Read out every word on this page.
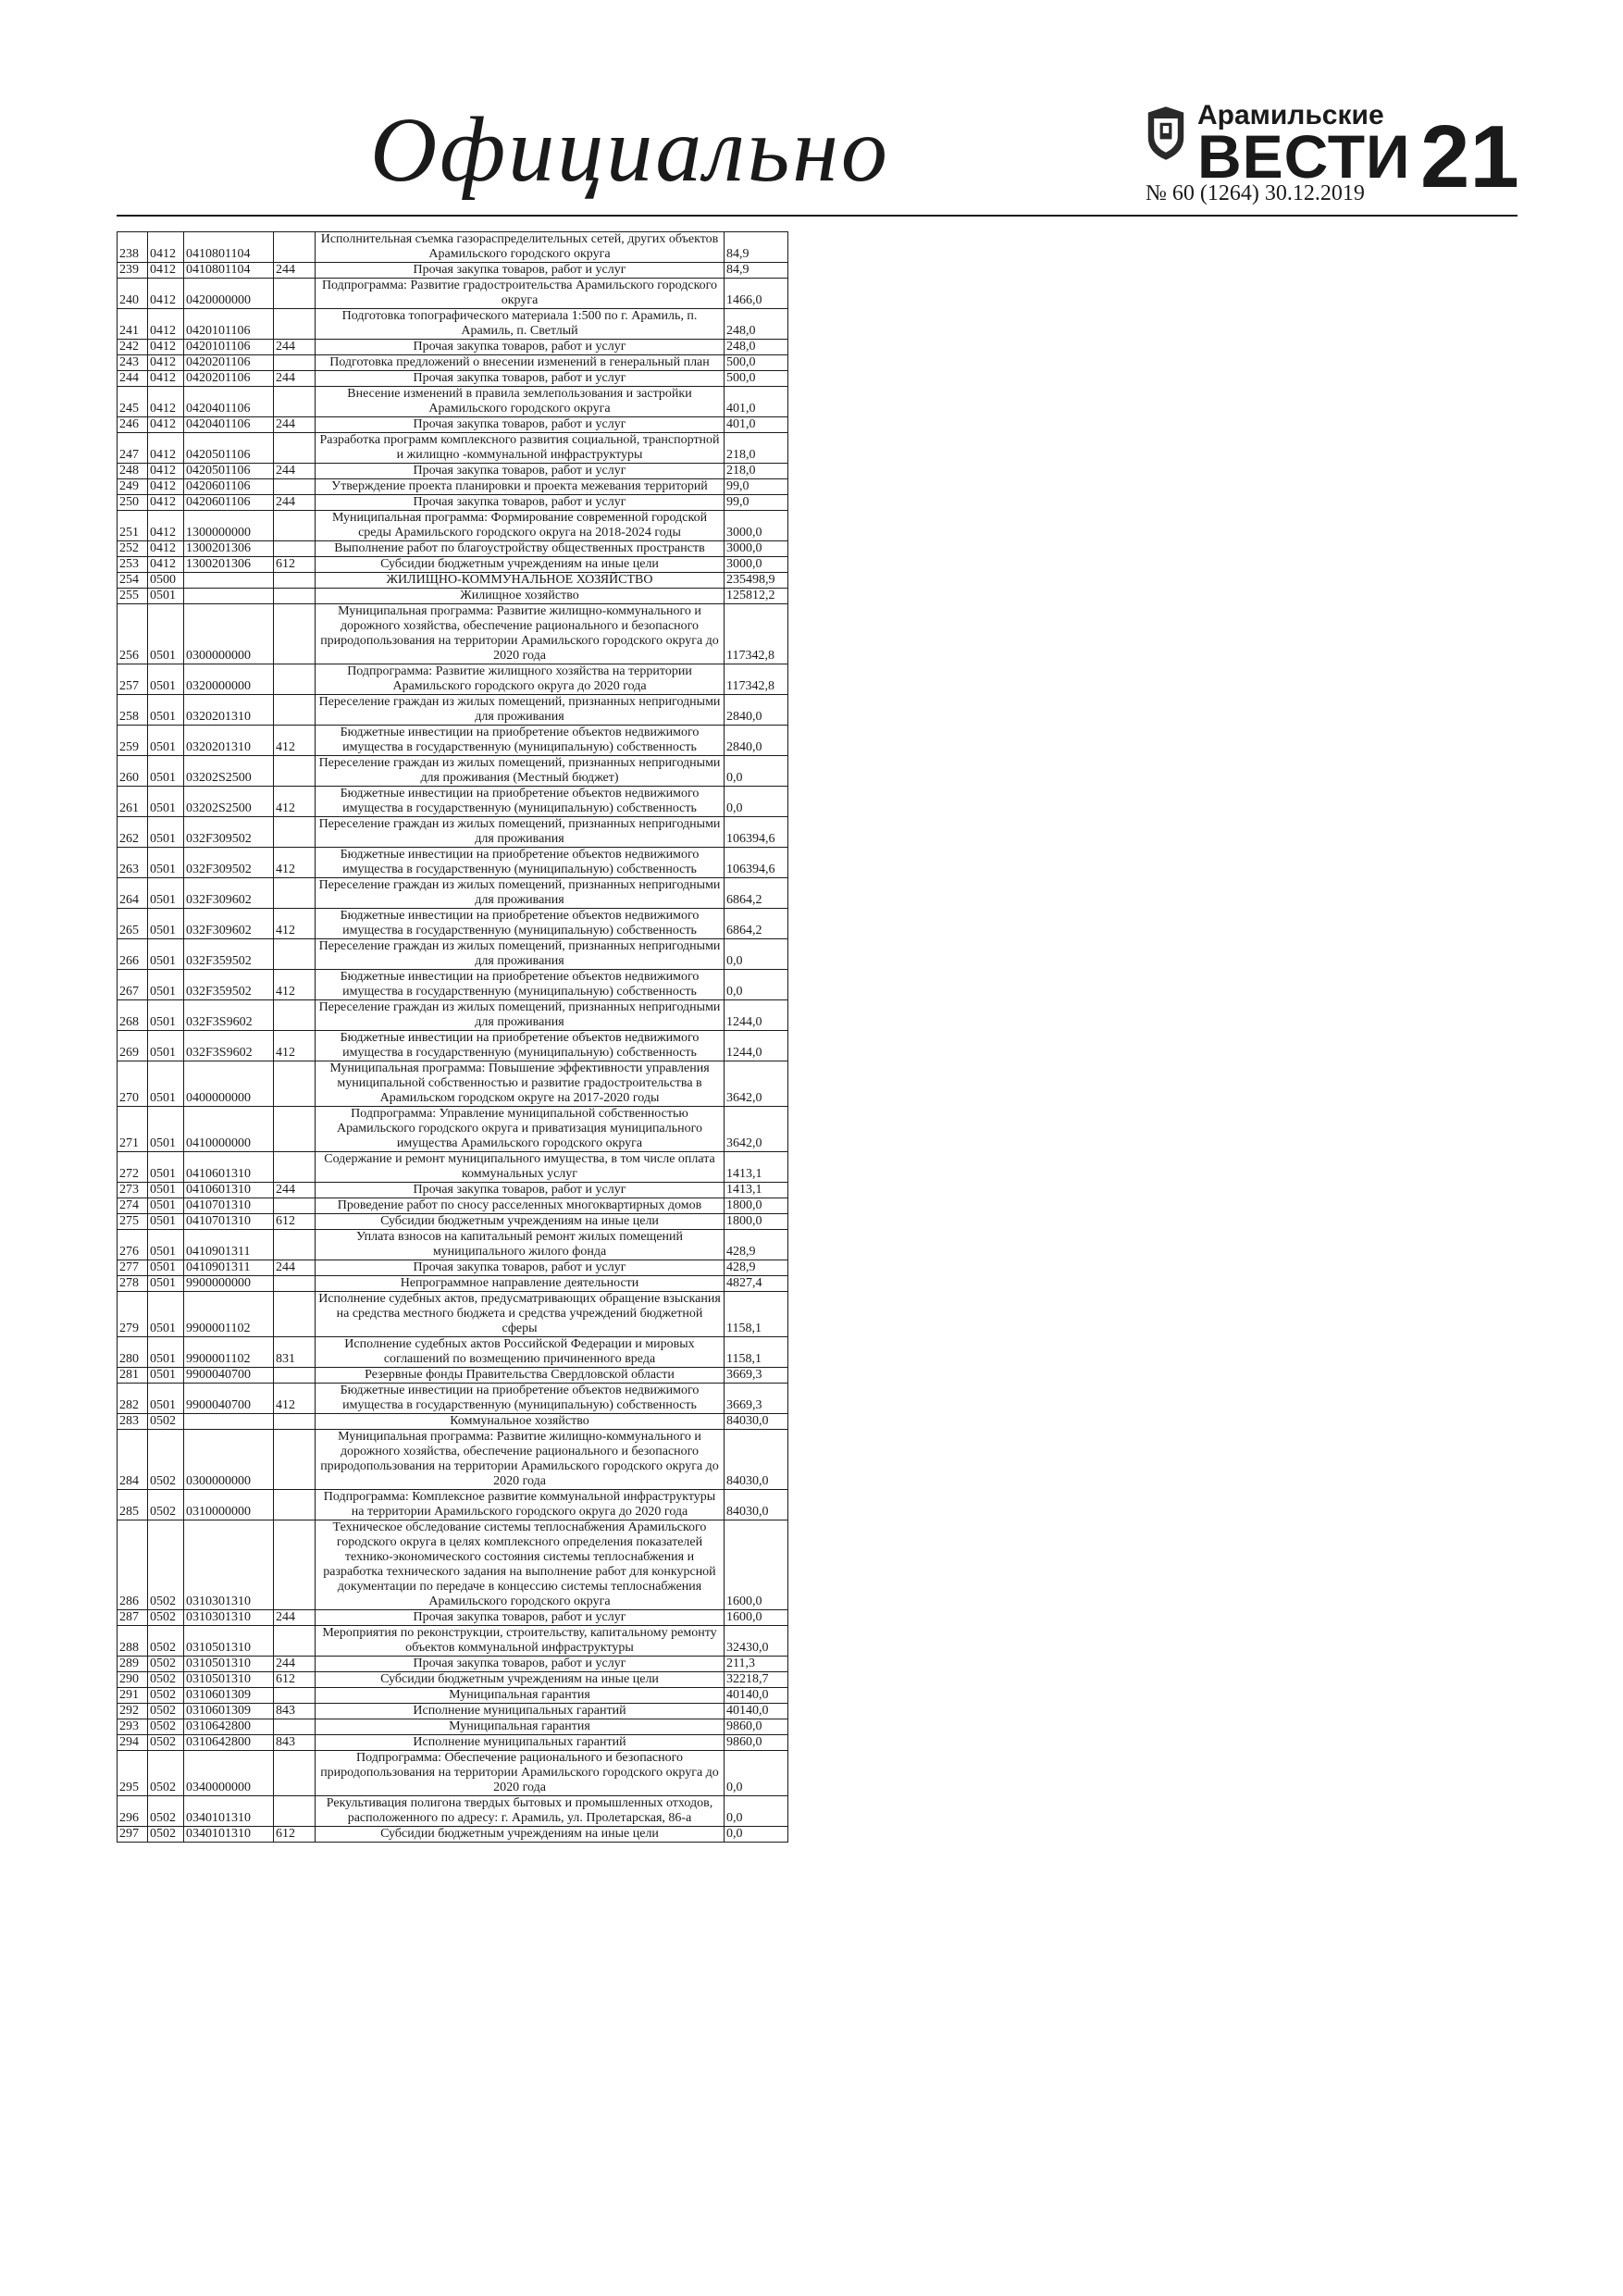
Официально	Арамильские
ВЕСТИ
№ 60 (1264) 30.12.2019 21
238	0412	0410801104		Исполнительная съемка газораспределительных сетей, других объектов Арамильского городского округа	84,9
239	0412	0410801104	244	Прочая закупка товаров, работ и услуг	84,9
240	0412	0420000000		Подпрограмма: Развитие градостроительства Арамильского городского округа	1466,0
241	0412	0420101106		Подготовка топографического материала 1:500 по г. Арамиль, п. Арамиль, п. Светлый	248,0
242	0412	0420101106	244	Прочая закупка товаров, работ и услуг	248,0
243	0412	0420201106		Подготовка предложений о внесении изменений в генеральный план	500,0
244	0412	0420201106	244	Прочая закупка товаров, работ и услуг	500,0
245	0412	0420401106		Внесение изменений в правила землепользования и застройки Арамильского городского округа	401,0
246	0412	0420401106	244	Прочая закупка товаров, работ и услуг	401,0
247	0412	0420501106		Разработка программ комплексного развития социальной, транспортной и жилищно -коммунальной инфраструктуры	218,0
248	0412	0420501106	244	Прочая закупка товаров, работ и услуг	218,0
249	0412	0420601106		Утверждение проекта планировки и проекта межевания территорий	99,0
250	0412	0420601106	244	Прочая закупка товаров, работ и услуг	99,0
251	0412	1300000000		Муниципальная программа: Формирование современной городской среды Арамильского городского округа на 2018-2024 годы	3000,0
252	0412	1300201306		Выполнение работ по благоустройству общественных пространств	3000,0
253	0412	1300201306	612	Субсидии бюджетным учреждениям на иные цели	3000,0
254	0500			ЖИЛИЩНО-КОММУНАЛЬНОЕ ХОЗЯЙСТВО	235498,9
255	0501			Жилищное хозяйство	125812,2
256	0501	0300000000		Муниципальная программа: Развитие жилищно-коммунального и дорожного хозяйства, обеспечение рационального и безопасного природопользования на территории Арамильского городского округа до 2020 года	117342,8
257	0501	0320000000		Подпрограмма: Развитие жилищного хозяйства на территории Арамильского городского округа до 2020 года	117342,8
258	0501	0320201310		Переселение граждан из жилых помещений, признанных непригодными для проживания	2840,0
259	0501	0320201310	412	Бюджетные инвестиции на приобретение объектов недвижимого имущества в государственную (муниципальную) собственность	2840,0
260	0501	03202S2500		Переселение граждан из жилых помещений, признанных непригодными для проживания (Местный бюджет)	0,0
261	0501	03202S2500	412	Бюджетные инвестиции на приобретение объектов недвижимого имущества в государственную (муниципальную) собственность	0,0
262	0501	032F309502		Переселение граждан из жилых помещений, признанных непригодными для проживания	106394,6
263	0501	032F309502	412	Бюджетные инвестиции на приобретение объектов недвижимого имущества в государственную (муниципальную) собственность	106394,6
264	0501	032F309602		Переселение граждан из жилых помещений, признанных непригодными для проживания	6864,2
265	0501	032F309602	412	Бюджетные инвестиции на приобретение объектов недвижимого имущества в государственную (муниципальную) собственность	6864,2
266	0501	032F359502		Переселение граждан из жилых помещений, признанных непригодными для проживания	0,0
267	0501	032F359502	412	Бюджетные инвестиции на приобретение объектов недвижимого имущества в государственную (муниципальную) собственность	0,0
268	0501	032F3S9602		Переселение граждан из жилых помещений, признанных непригодными для проживания	1244,0
269	0501	032F3S9602	412	Бюджетные инвестиции на приобретение объектов недвижимого имущества в государственную (муниципальную) собственность	1244,0
270	0501	0400000000		Муниципальная программа: Повышение эффективности управления муниципальной собственностью и развитие градостроительства в Арамильском городском округе на 2017-2020 годы	3642,0
271	0501	0410000000		Подпрограмма: Управление муниципальной собственностью Арамильского городского округа и приватизация муниципального имущества Арамильского городского округа	3642,0
272	0501	0410601310		Содержание и ремонт муниципального имущества, в том числе оплата коммунальных услуг	1413,1
273	0501	0410601310	244	Прочая закупка товаров, работ и услуг	1413,1
274	0501	0410701310		Проведение работ по сносу расселенных многоквартирных домов	1800,0
275	0501	0410701310	612	Субсидии бюджетным учреждениям на иные цели	1800,0
276	0501	0410901311		Уплата взносов на капитальный ремонт жилых помещений муниципального жилого фонда	428,9
277	0501	0410901311	244	Прочая закупка товаров, работ и услуг	428,9
278	0501	9900000000		Непрограммное направление деятельности	4827,4
279	0501	9900001102		Исполнение судебных актов, предусматривающих обращение взыскания на средства местного бюджета и средства учреждений бюджетной сферы	1158,1
280	0501	9900001102	831	Исполнение судебных актов Российской Федерации и мировых соглашений по возмещению причиненного вреда	1158,1
281	0501	9900040700		Резервные фонды Правительства Свердловской области	3669,3
282	0501	9900040700	412	Бюджетные инвестиции на приобретение объектов недвижимого имущества в государственную (муниципальную) собственность	3669,3
283	0502			Коммунальное хозяйство	84030,0
284	0502	0300000000		Муниципальная программа: Развитие жилищно-коммунального и дорожного хозяйства, обеспечение рационального и безопасного природопользования на территории Арамильского городского округа до 2020 года	84030,0
285	0502	0310000000		Подпрограмма: Комплексное развитие коммунальной инфраструктуры на территории Арамильского городского округа до 2020 года	84030,0
286	0502	0310301310		Техническое обследование системы теплоснабжения Арамильского городского округа в целях комплексного определения показателей технико-экономического состояния системы теплоснабжения и разработка технического задания на выполнение работ для конкурсной документации по передаче в концессию системы теплоснабжения Арамильского городского округа	1600,0
287	0502	0310301310	244	Прочая закупка товаров, работ и услуг	1600,0
288	0502	0310501310		Мероприятия по реконструкции, строительству, капитальному ремонту объектов коммунальной инфраструктуры	32430,0
289	0502	0310501310	244	Прочая закупка товаров, работ и услуг	211,3
290	0502	0310501310	612	Субсидии бюджетным учреждениям на иные цели	32218,7
291	0502	0310601309		Муниципальная гарантия	40140,0
292	0502	0310601309	843	Исполнение муниципальных гарантий	40140,0
293	0502	0310642800		Муниципальная гарантия	9860,0
294	0502	0310642800	843	Исполнение муниципальных гарантий	9860,0
295	0502	0340000000		Подпрограмма: Обеспечение рационального и безопасного природопользования на территории Арамильского городского округа до 2020 года	0,0
296	0502	0340101310		Рекультивация полигона твердых бытовых и промышленных отходов, расположенного по адресу: г. Арамиль, ул. Пролетарская, 86-а	0,0
297	0502	0340101310	612	Субсидии бюджетным учреждениям на иные цели	0,0
